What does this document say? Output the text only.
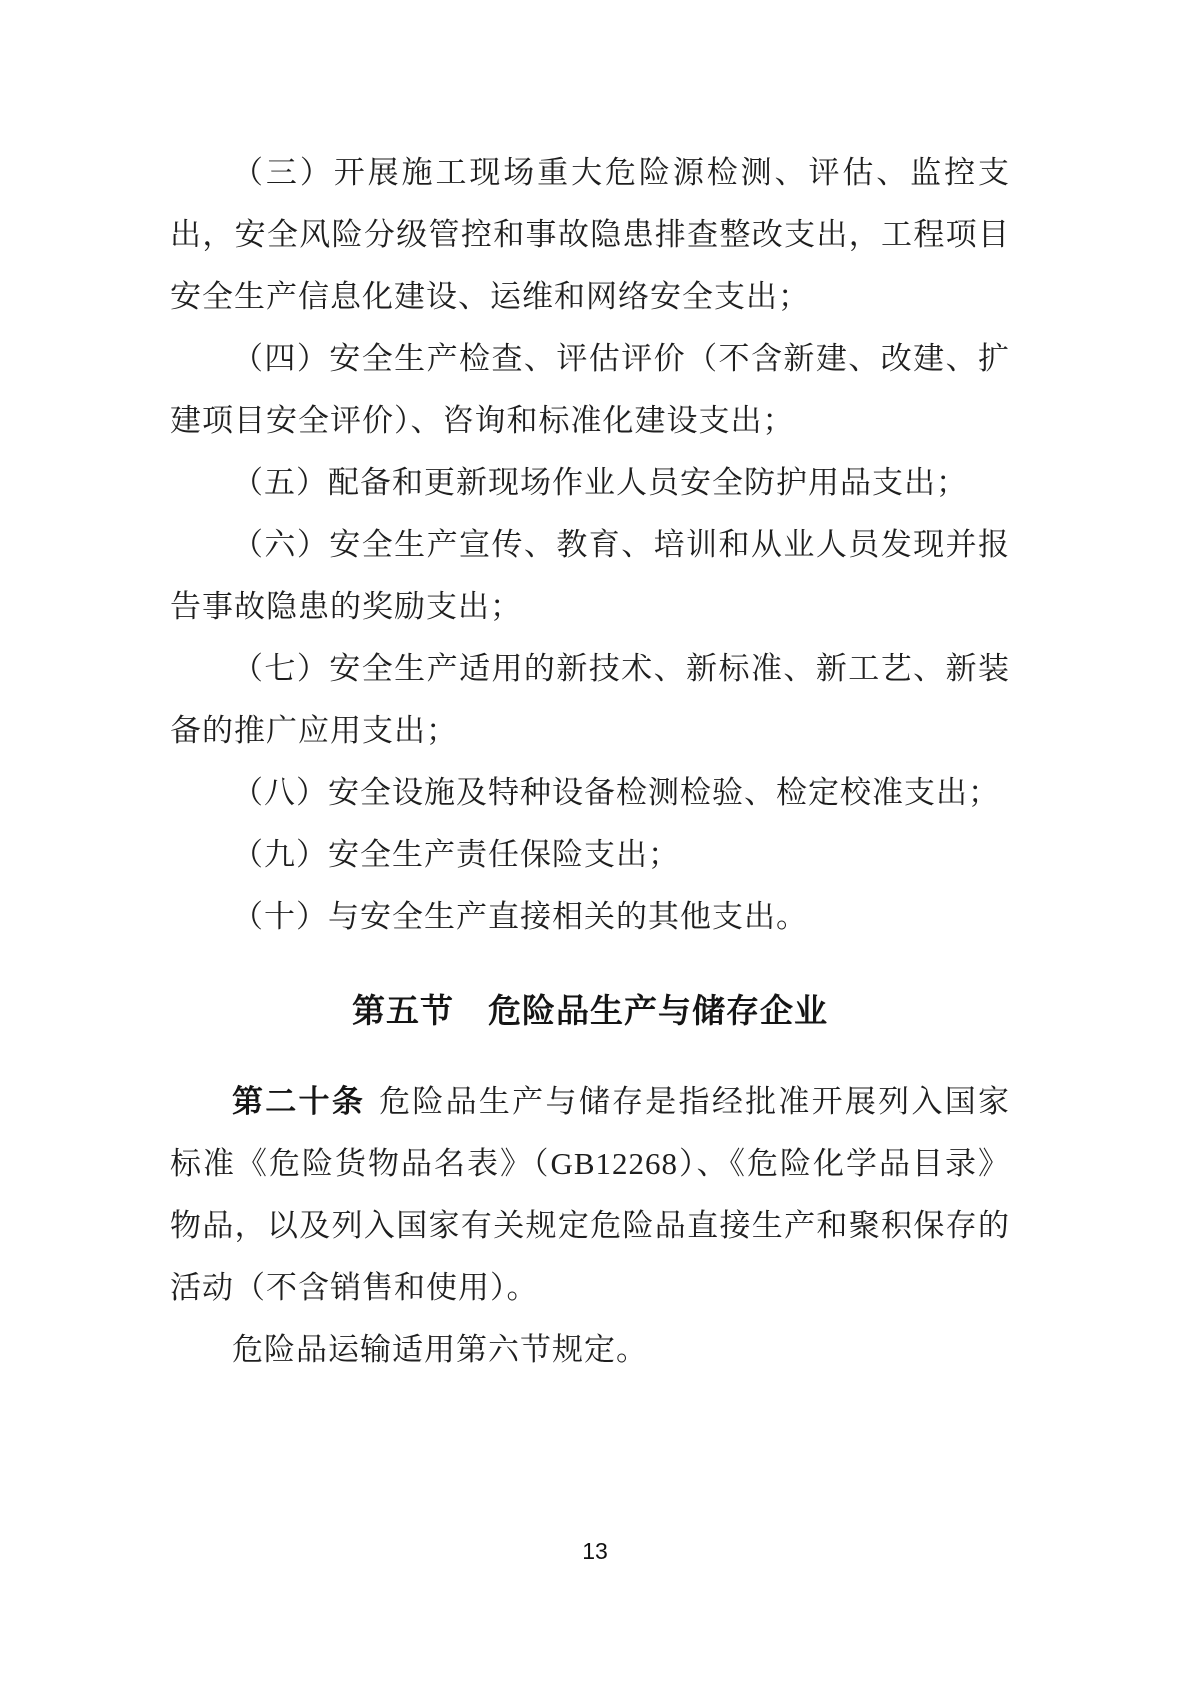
（三）开展施工现场重大危险源检测、评估、监控支出，安全风险分级管控和事故隐患排查整改支出，工程项目安全生产信息化建设、运维和网络安全支出；

（四）安全生产检查、评估评价（不含新建、改建、扩建项目安全评价）、咨询和标准化建设支出；

（五）配备和更新现场作业人员安全防护用品支出；

（六）安全生产宣传、教育、培训和从业人员发现并报告事故隐患的奖励支出；

（七）安全生产适用的新技术、新标准、新工艺、新装备的推广应用支出；

（八）安全设施及特种设备检测检验、检定校准支出；

（九）安全生产责任保险支出；

（十）与安全生产直接相关的其他支出。

第五节　危险品生产与储存企业

第二十条 危险品生产与储存是指经批准开展列入国家标准《危险货物品名表》（GB12268）、《危险化学品目录》物品，以及列入国家有关规定危险品直接生产和聚积保存的活动（不含销售和使用）。

危险品运输适用第六节规定。

13
